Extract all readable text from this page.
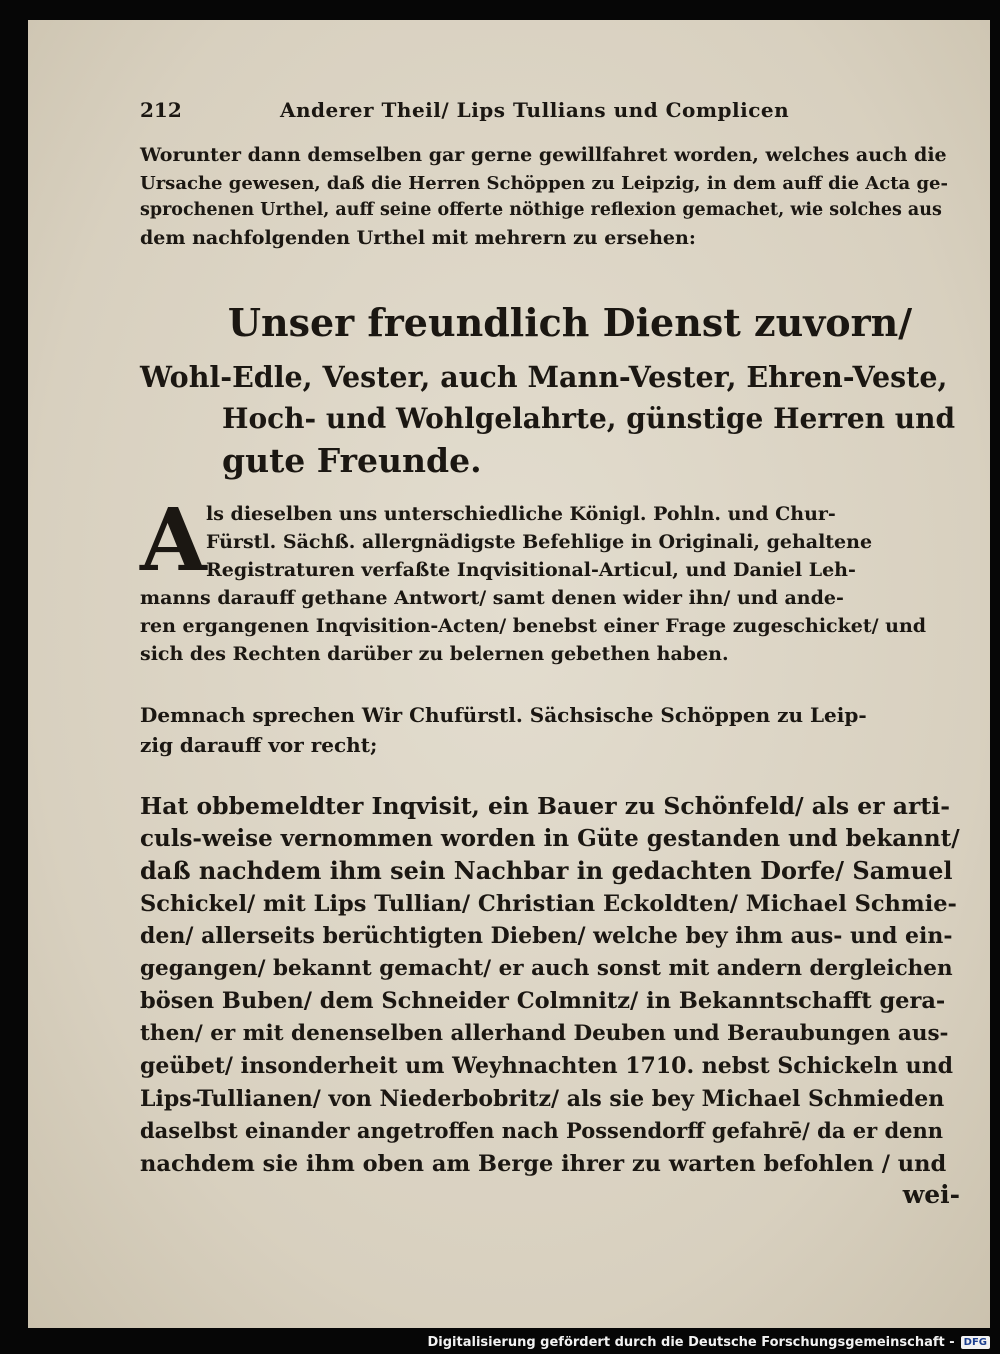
212	Anderer Theil/ Lips Tullians und Complicen

Worunter dann demselben gar gerne gewillfahret worden, welches auch die
Ursache gewesen, daß die Herren Schöppen zu Leipzig, in dem auff die Acta ge-
sprochenen Urthel, auff seine offerte nöthige reflexion gemachet, wie solches aus
dem nachfolgenden Urthel mit mehrern zu ersehen:

Unser freundlich Dienst zuvorn/
Wohl-Edle, Vester, auch Mann-Vester, Ehren-Veste,
Hoch- und Wohlgelahrte, günstige Herren und
gute Freunde.
A ls dieselben uns unterschiedliche Königl. Pohln. und Chur-
Fürstl. Sächß. allergnädigste Befehlige in Originali, gehaltene
Registraturen verfaßte Inqvisitional-Articul, und Daniel Leh-
manns darauff gethane Antwort/ samt denen wider ihn/ und ande-
ren ergangenen Inqvisition-Acten/ benebst einer Frage zugeschicket/ und
sich des Rechten darüber zu belernen gebethen haben.

Demnach sprechen Wir Chufürstl. Sächsische Schöppen zu Leip-
zig darauff vor recht;

Hat obbemeldter Inqvisit, ein Bauer zu Schönfeld/ als er arti-
culs-weise vernommen worden in Güte gestanden und bekannt/
daß nachdem ihm sein Nachbar in gedachten Dorfe/ Samuel
Schickel/ mit Lips Tullian/ Christian Eckoldten/ Michael Schmie-
den/ allerseits berüchtigten Dieben/ welche bey ihm aus- und ein-
gegangen/ bekannt gemacht/ er auch sonst mit andern dergleichen
bösen Buben/ dem Schneider Colmnitz/ in Bekanntschafft gera-
then/ er mit denenselben allerhand Deuben und Beraubungen aus-
geübet/ insonderheit um Weyhnachten 1710. nebst Schickeln und
Lips-Tullianen/ von Niederbobritz/ als sie bey Michael Schmieden
daselbst einander angetroffen nach Possendorff gefahrē/ da er denn
nachdem sie ihm oben am Berge ihrer zu warten befohlen / und

wei-
Digitalisierung gefördert durch die Deutsche Forschungsgemeinschaft - DFG
